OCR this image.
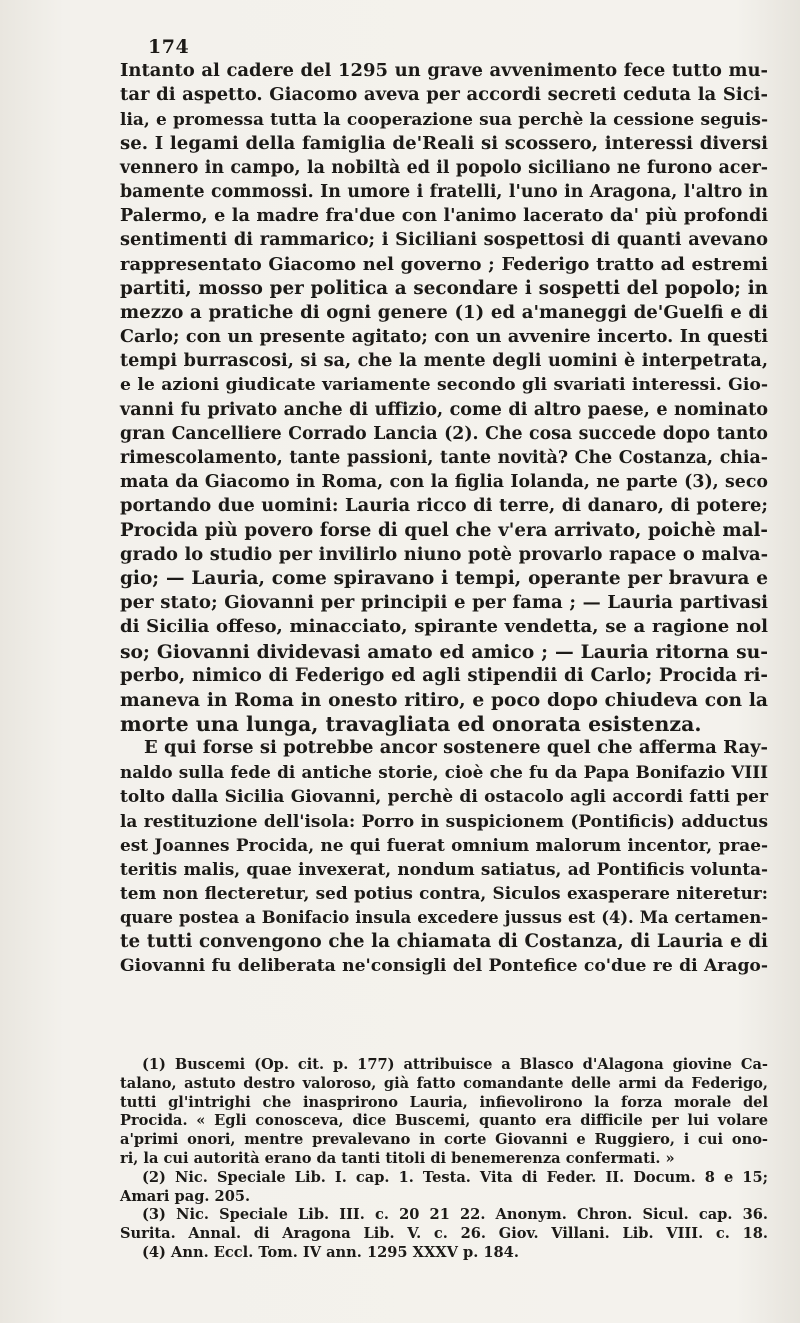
174
Intanto al cadere del 1295 un grave avvenimento fece tutto mu-
tar di aspetto. Giacomo aveva per accordi secreti ceduta la Sici-
lia, e promessa tutta la cooperazione sua perchè la cessione seguis-
se. I legami della famiglia de'Reali si scossero, interessi diversi
vennero in campo, la nobiltà ed il popolo siciliano ne furono acer-
bamente commossi. In umore i fratelli, l'uno in Aragona, l'altro in
Palermo, e la madre fra'due con l'animo lacerato da' più profondi
sentimenti di rammarico; i Siciliani sospettosi di quanti avevano
rappresentato Giacomo nel governo ; Federigo tratto ad estremi
partiti, mosso per politica a secondare i sospetti del popolo; in
mezzo a pratiche di ogni genere (1) ed a'maneggi de'Guelfi e di
Carlo; con un presente agitato; con un avvenire incerto. In questi
tempi burrascosi, si sa, che la mente degli uomini è interpetrata,
e le azioni giudicate variamente secondo gli svariati interessi. Gio-
vanni fu privato anche di uffizio, come di altro paese, e nominato
gran Cancelliere Corrado Lancia (2). Che cosa succede dopo tanto
rimescolamento, tante passioni, tante novità? Che Costanza, chia-
mata da Giacomo in Roma, con la figlia Iolanda, ne parte (3), seco
portando due uomini: Lauria ricco di terre, di danaro, di potere;
Procida più povero forse di quel che v'era arrivato, poichè mal-
grado lo studio per invilirlo niuno potè provarlo rapace o malva-
gio; — Lauria, come spiravano i tempi, operante per bravura e
per stato; Giovanni per principii e per fama ; — Lauria partivasi
di Sicilia offeso, minacciato, spirante vendetta, se a ragione nol
so; Giovanni dividevasi amato ed amico ; — Lauria ritorna su-
perbo, nimico di Federigo ed agli stipendii di Carlo; Procida ri-
maneva in Roma in onesto ritiro, e poco dopo chiudeva con la
morte una lunga, travagliata ed onorata esistenza.
E qui forse si potrebbe ancor sostenere quel che afferma Ray-
naldo sulla fede di antiche storie, cioè che fu da Papa Bonifazio VIII
tolto dalla Sicilia Giovanni, perchè di ostacolo agli accordi fatti per
la restituzione dell'isola: Porro in suspicionem (Pontificis) adductus
est Joannes Procida, ne qui fuerat omnium malorum incentor, prae-
teritis malis, quae invexerat, nondum satiatus, ad Pontificis volunta-
tem non flecteretur, sed potius contra, Siculos exasperare niteretur:
quare postea a Bonifacio insula excedere jussus est (4). Ma certamen-
te tutti convengono che la chiamata di Costanza, di Lauria e di
Giovanni fu deliberata ne'consigli del Pontefice co'due re di Arago-
(1) Buscemi (Op. cit. p. 177) attribuisce a Blasco d'Alagona giovine Ca-
talano, astuto destro valoroso, già fatto comandante delle armi da Federigo,
tutti gl'intrighi che inasprirono Lauria, infievolirono la forza morale del
Procida. « Egli conosceva, dice Buscemi, quanto era difficile per lui volare
a'primi onori, mentre prevalevano in corte Giovanni e Ruggiero, i cui ono-
ri, la cui autorità erano da tanti titoli di benemerenza confermati. »
(2) Nic. Speciale Lib. I. cap. 1. Testa. Vita di Feder. II. Docum. 8 e 15;
Amari pag. 205.
(3) Nic. Speciale Lib. III. c. 20 21 22. Anonym. Chron. Sicul. cap. 36.
Surita. Annal. di Aragona Lib. V. c. 26. Giov. Villani. Lib. VIII. c. 18.
(4) Ann. Eccl. Tom. IV ann. 1295 XXXV p. 184.
